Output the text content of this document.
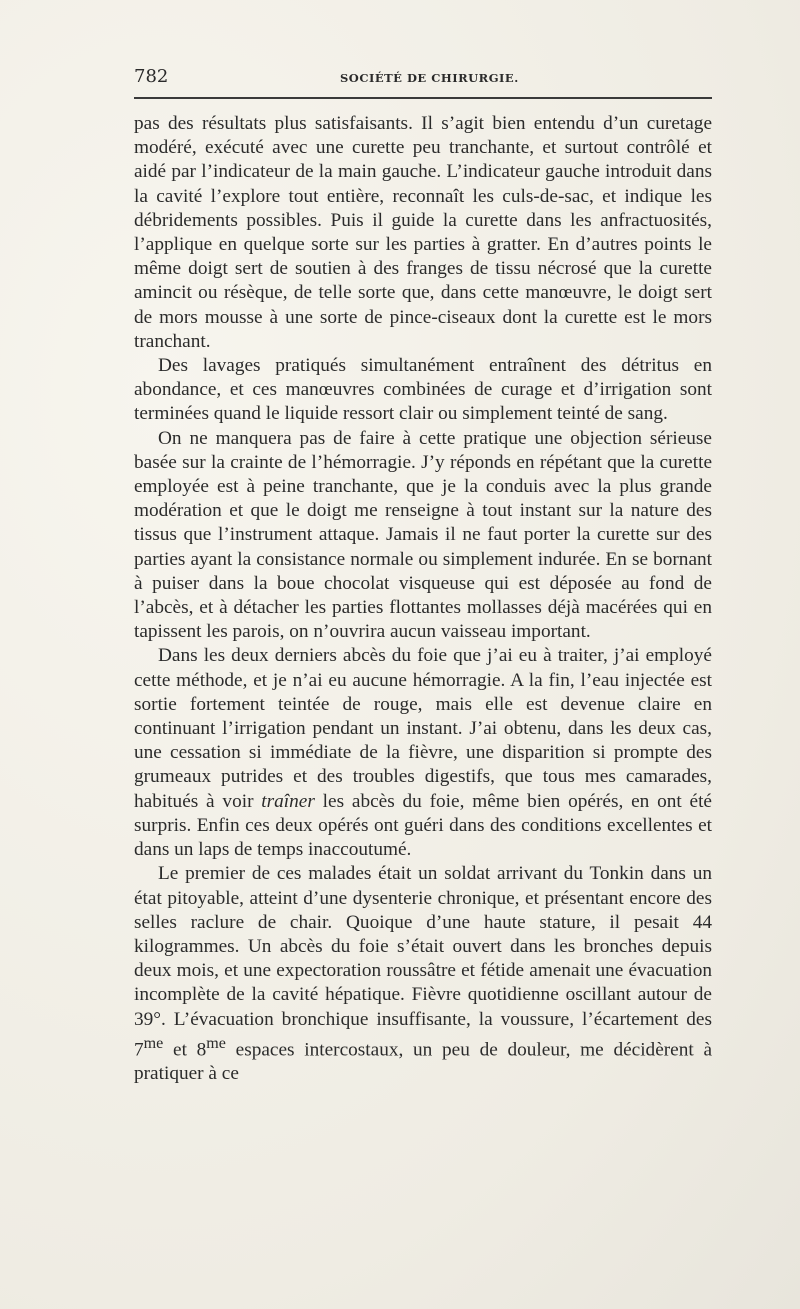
782	SOCIÉTÉ DE CHIRURGIE.

pas des résultats plus satisfaisants. Il s’agit bien entendu d’un curetage modéré, exécuté avec une curette peu tranchante, et surtout contrôlé et aidé par l’indicateur de la main gauche. L’indicateur gauche introduit dans la cavité l’explore tout entière, reconnaît les culs-de-sac, et indique les débridements possibles. Puis il guide la curette dans les anfractuosités, l’applique en quelque sorte sur les parties à gratter. En d’autres points le même doigt sert de soutien à des franges de tissu nécrosé que la curette amincit ou résèque, de telle sorte que, dans cette manœuvre, le doigt sert de mors mousse à une sorte de pince-ciseaux dont la curette est le mors tranchant.

Des lavages pratiqués simultanément entraînent des détritus en abondance, et ces manœuvres combinées de curage et d’irrigation sont terminées quand le liquide ressort clair ou simplement teinté de sang.

On ne manquera pas de faire à cette pratique une objection sérieuse basée sur la crainte de l’hémorragie. J’y réponds en répétant que la curette employée est à peine tranchante, que je la conduis avec la plus grande modération et que le doigt me renseigne à tout instant sur la nature des tissus que l’instrument attaque. Jamais il ne faut porter la curette sur des parties ayant la consistance normale ou simplement indurée. En se bornant à puiser dans la boue chocolat visqueuse qui est déposée au fond de l’abcès, et à détacher les parties flottantes mollasses déjà macérées qui en tapissent les parois, on n’ouvrira aucun vaisseau important.

Dans les deux derniers abcès du foie que j’ai eu à traiter, j’ai employé cette méthode, et je n’ai eu aucune hémorragie. A la fin, l’eau injectée est sortie fortement teintée de rouge, mais elle est devenue claire en continuant l’irrigation pendant un instant. J’ai obtenu, dans les deux cas, une cessation si immédiate de la fièvre, une disparition si prompte des grumeaux putrides et des troubles digestifs, que tous mes camarades, habitués à voir traîner les abcès du foie, même bien opérés, en ont été surpris. Enfin ces deux opérés ont guéri dans des conditions excellentes et dans un laps de temps inaccoutumé.

Le premier de ces malades était un soldat arrivant du Tonkin dans un état pitoyable, atteint d’une dysenterie chronique, et présentant encore des selles raclure de chair. Quoique d’une haute stature, il pesait 44 kilogrammes. Un abcès du foie s’était ouvert dans les bronches depuis deux mois, et une expectoration roussâtre et fétide amenait une évacuation incomplète de la cavité hépatique. Fièvre quotidienne oscillant autour de 39°. L’évacuation bronchique insuffisante, la voussure, l’écartement des $7^{me}$ et $8^{me}$ espaces intercostaux, un peu de douleur, me décidèrent à pratiquer à ce
